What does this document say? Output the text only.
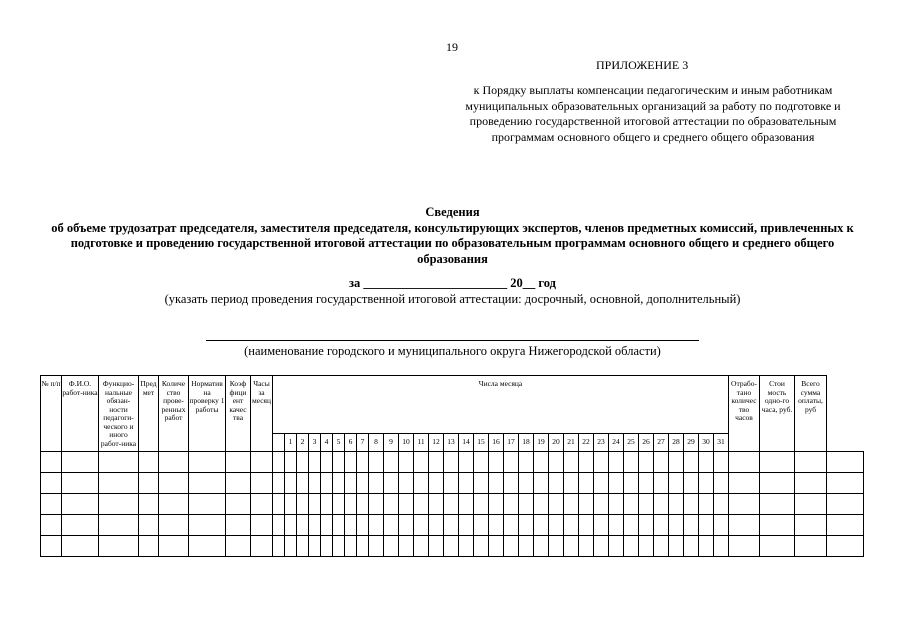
19
ПРИЛОЖЕНИЕ 3
к Порядку выплаты компенсации педагогическим и иным работникам муниципальных образовательных организаций за работу по подготовке и проведению государственной итоговой аттестации по образовательным программам основного общего и среднего общего образования
Сведения
об объеме трудозатрат председателя, заместителя председателя, консультирующих экспертов, членов предметных комиссий, привлеченных к подготовке и проведению государственной итоговой аттестации по образовательным программам основного общего и среднего общего образования
за _______________________ 20__ год
(указать период проведения государственной итоговой аттестации: досрочный, основной, дополнительный)
(наименование городского и муниципального округа Нижегородской области)
№ п/п	Ф.И.О. работ-ника	Функцио-нальные обязан-ности педагоги-ческого и иного работ-ника	Пред мет	Количе ство прове-ренных работ	Норматив на проверку 1 работы	Коэф фици ент качес тва	Часы за месяц	Числа месяца																																Отрабо-тано количес тво часов	Стои мость одно-го часа, руб.	Всего сумма оплаты, руб	
									1	2	3	4	5	6	7	8	9	10	11	12	13	14	15	16	17	18	19	20	21	22	23	24	25	26	27	28	29	30	31				
